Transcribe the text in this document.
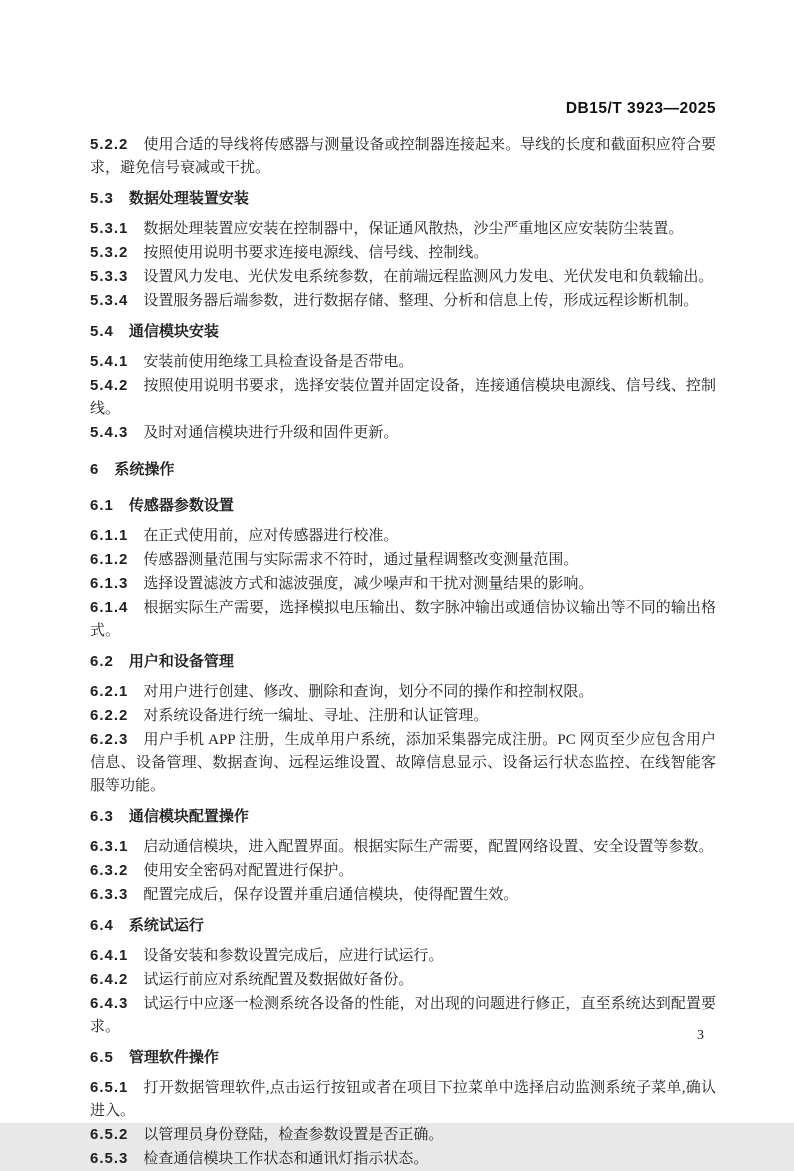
DB15/T 3923—2025

5.2.2 使用合适的导线将传感器与测量设备或控制器连接起来。导线的长度和截面积应符合要求，避免信号衰减或干扰。

5.3 数据处理装置安装

5.3.1 数据处理装置应安装在控制器中，保证通风散热，沙尘严重地区应安装防尘装置。

5.3.2 按照使用说明书要求连接电源线、信号线、控制线。

5.3.3 设置风力发电、光伏发电系统参数，在前端远程监测风力发电、光伏发电和负载输出。

5.3.4 设置服务器后端参数，进行数据存储、整理、分析和信息上传，形成远程诊断机制。

5.4 通信模块安装

5.4.1 安装前使用绝缘工具检查设备是否带电。

5.4.2 按照使用说明书要求，选择安装位置并固定设备，连接通信模块电源线、信号线、控制线。

5.4.3 及时对通信模块进行升级和固件更新。

6 系统操作

6.1 传感器参数设置

6.1.1 在正式使用前，应对传感器进行校准。

6.1.2 传感器测量范围与实际需求不符时，通过量程调整改变测量范围。

6.1.3 选择设置滤波方式和滤波强度，减少噪声和干扰对测量结果的影响。

6.1.4 根据实际生产需要，选择模拟电压输出、数字脉冲输出或通信协议输出等不同的输出格式。

6.2 用户和设备管理

6.2.1 对用户进行创建、修改、删除和查询，划分不同的操作和控制权限。

6.2.2 对系统设备进行统一编址、寻址、注册和认证管理。

6.2.3 用户手机 APP 注册，生成单用户系统，添加采集器完成注册。PC 网页至少应包含用户信息、设备管理、数据查询、远程运维设置、故障信息显示、设备运行状态监控、在线智能客服等功能。

6.3 通信模块配置操作

6.3.1 启动通信模块，进入配置界面。根据实际生产需要，配置网络设置、安全设置等参数。

6.3.2 使用安全密码对配置进行保护。

6.3.3 配置完成后，保存设置并重启通信模块，使得配置生效。

6.4 系统试运行

6.4.1 设备安装和参数设置完成后，应进行试运行。

6.4.2 试运行前应对系统配置及数据做好备份。

6.4.3 试运行中应逐一检测系统各设备的性能，对出现的问题进行修正，直至系统达到配置要求。

6.5 管理软件操作

6.5.1 打开数据管理软件,点击运行按钮或者在项目下拉菜单中选择启动监测系统子菜单,确认进入。

6.5.2 以管理员身份登陆，检查参数设置是否正确。

6.5.3 检查通信模块工作状态和通讯灯指示状态。

3
